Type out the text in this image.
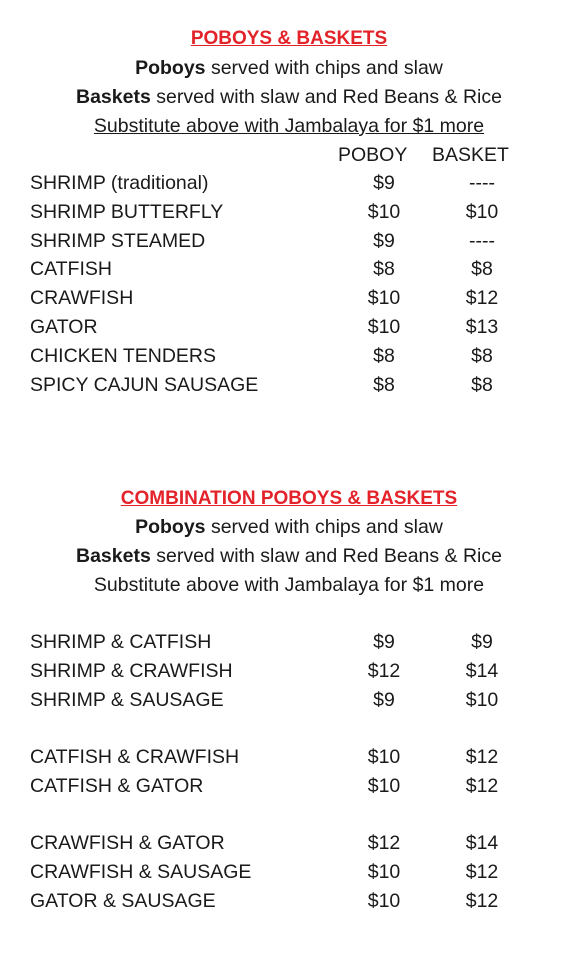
POBOYS & BASKETS
Poboys served with chips and slaw
Baskets served with slaw and Red Beans & Rice
Substitute above with Jambalaya for $1 more
POBOY BASKET
SHRIMP (traditional)	$9	----
SHRIMP BUTTERFLY	$10	$10
SHRIMP STEAMED	$9	----
CATFISH	$8	$8
CRAWFISH	$10	$12
GATOR	$10	$13
CHICKEN TENDERS	$8	$8
SPICY CAJUN SAUSAGE	$8	$8
COMBINATION POBOYS & BASKETS
Poboys served with chips and slaw
Baskets served with slaw and Red Beans & Rice
Substitute above with Jambalaya for $1 more
SHRIMP & CATFISH	$9	$9
SHRIMP & CRAWFISH	$12	$14
SHRIMP & SAUSAGE	$9	$10
CATFISH & CRAWFISH	$10	$12
CATFISH & GATOR	$10	$12
CRAWFISH & GATOR	$12	$14
CRAWFISH & SAUSAGE	$10	$12
GATOR & SAUSAGE	$10	$12
